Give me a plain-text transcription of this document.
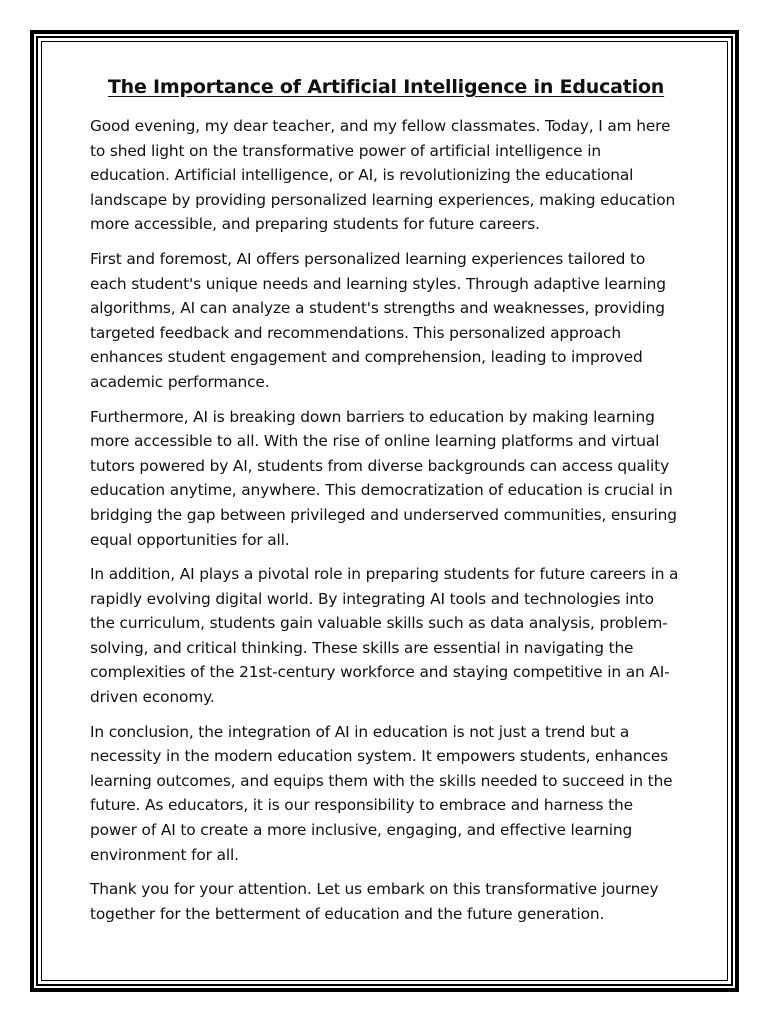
The Importance of Artificial Intelligence in Education

Good evening, my dear teacher, and my fellow classmates. Today, I am here to shed light on the transformative power of artificial intelligence in education. Artificial intelligence, or AI, is revolutionizing the educational landscape by providing personalized learning experiences, making education more accessible, and preparing students for future careers.

First and foremost, AI offers personalized learning experiences tailored to each student's unique needs and learning styles. Through adaptive learning algorithms, AI can analyze a student's strengths and weaknesses, providing targeted feedback and recommendations. This personalized approach enhances student engagement and comprehension, leading to improved academic performance.

Furthermore, AI is breaking down barriers to education by making learning more accessible to all. With the rise of online learning platforms and virtual tutors powered by AI, students from diverse backgrounds can access quality education anytime, anywhere. This democratization of education is crucial in bridging the gap between privileged and underserved communities, ensuring equal opportunities for all.

In addition, AI plays a pivotal role in preparing students for future careers in a rapidly evolving digital world. By integrating AI tools and technologies into the curriculum, students gain valuable skills such as data analysis, problem-solving, and critical thinking. These skills are essential in navigating the complexities of the 21st-century workforce and staying competitive in an AI-driven economy.

In conclusion, the integration of AI in education is not just a trend but a necessity in the modern education system. It empowers students, enhances learning outcomes, and equips them with the skills needed to succeed in the future. As educators, it is our responsibility to embrace and harness the power of AI to create a more inclusive, engaging, and effective learning environment for all.

Thank you for your attention. Let us embark on this transformative journey together for the betterment of education and the future generation.
